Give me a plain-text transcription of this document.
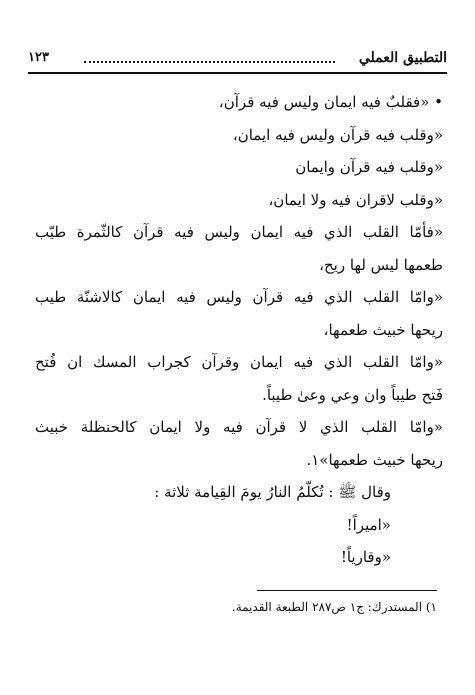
التطبيق العملي
١٢٣
• «فقلبٌ فيه ايمان وليس فيه قرآن،
«وقلب فيه قرآن وليس فيه ايمان،
«وقلب فيه قرآن وايمان
«وقلب لاقران فيه ولا ايمان،
«فأمّا القلب الذي فيه ايمان وليس فيه قرآن كالثّمرة طيّب
طعمها ليس لها ريح،
«وامّا القلب الذي فيه قرآن وليس فيه ايمان كالاشنّة طيب
ريحها خبيث طعمها،
«وامّا القلب الذي فيه ايمان وقرآن كجراب المسك ان فُتح
فَتح طيباً وان وعي وعىٰ طيباً.
«وامّا القلب الذي لا قرآن فيه ولا ايمان كالحنظلة خبيث
ريحها خبيث طعمها»١.
وقال ﷺ : تُكلّمُ النارُ يومَ القِيامة ثلاثة :
«اميراً!
«وقارياً!
١) المستدرك: ج١ ص٢٨٧ الطبعة القديمة.
